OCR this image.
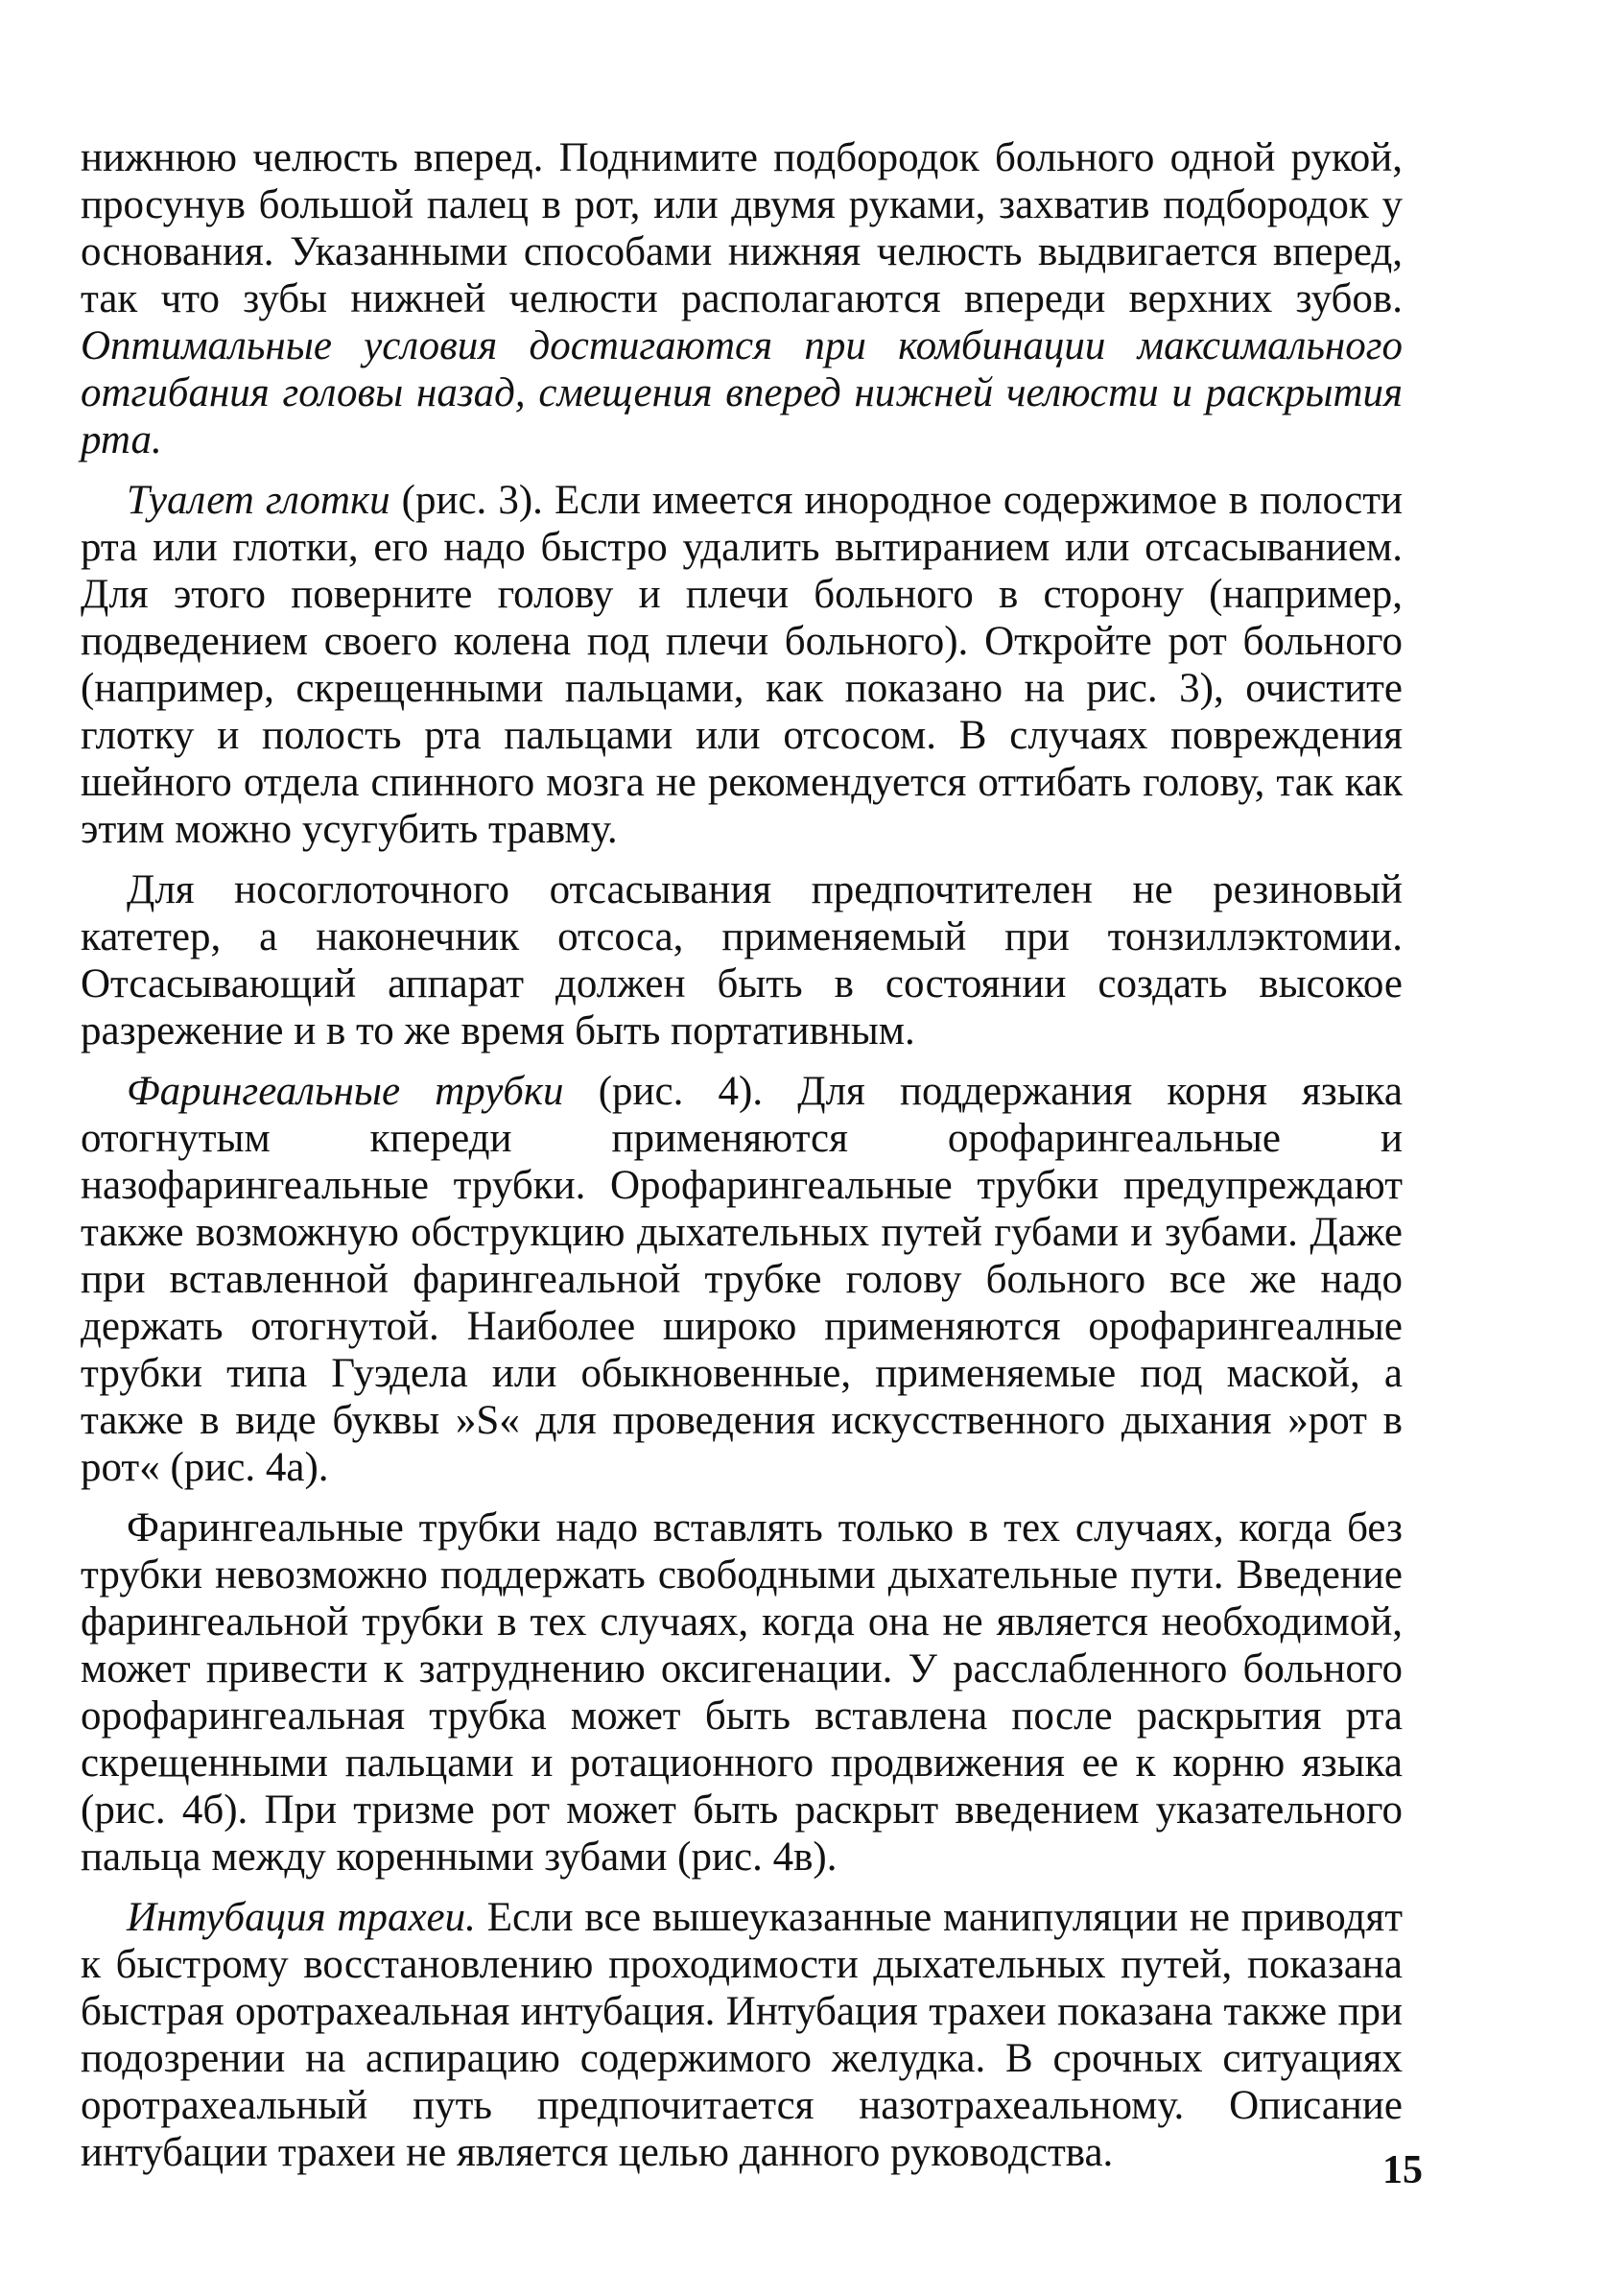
нижнюю челюсть вперед. Поднимите подбородок больного одной рукой, просунув большой палец в рот, или двумя руками, захватив подбородок у основания. Указанными способами нижняя челюсть выдвигается вперед, так что зубы нижней челюсти располагаются впереди верхних зубов. Оптимальные условия достигаются при комбинации максимального отгибания головы назад, смещения вперед нижней челюсти и раскрытия рта.

Туалет глотки (рис. 3). Если имеется инородное содержимое в полости рта или глотки, его надо быстро удалить вытиранием или отсасыванием. Для этого поверните голову и плечи больного в сторону (например, подведением своего колена под плечи больного). Откройте рот больного (например, скрещенными пальцами, как показано на рис. 3), очистите глотку и полость рта пальцами или отсосом. В случаях повреждения шейного отдела спинного мозга не рекомендуется оттибать голову, так как этим можно усугубить травму.

Для носоглоточного отсасывания предпочтителен не резиновый катетер, а наконечник отсоса, применяемый при тонзиллэктомии. Отсасывающий аппарат должен быть в состоянии создать высокое разрежение и в то же время быть портативным.

Фарингеальные трубки (рис. 4). Для поддержания корня языка отогнутым кпереди применяются орофарингеальные и назофарингеальные трубки. Орофарингеальные трубки предупреждают также возможную обструкцию дыхательных путей губами и зубами. Даже при вставленной фарингеальной трубке голову больного все же надо держать отогнутой. Наиболее широко применяются орофарингеалные трубки типа Гуэдела или обыкновенные, применяемые под маской, а также в виде буквы »S« для проведения искусственного дыхания »рот в рот« (рис. 4а).

Фарингеальные трубки надо вставлять только в тех случаях, когда без трубки невозможно поддержать свободными дыхательные пути. Введение фарингеальной трубки в тех случаях, когда она не является необходимой, может привести к затруднению оксигенации. У расслабленного больного орофарингеальная трубка может быть вставлена после раскрытия рта скрещенными пальцами и ротационного продвижения ее к корню языка (рис. 4б). При тризме рот может быть раскрыт введением указательного пальца между коренными зубами (рис. 4в).

Интубация трахеи. Если все вышеуказанные манипуляции не приводят к быстрому восстановлению проходимости дыхательных путей, показана быстрая оротрахеальная интубация. Интубация трахеи показана также при подозрении на аспирацию содержимого желудка. В срочных ситуациях оротрахеальный путь предпочитается назотрахеальному. Описание интубации трахеи не является целью данного руководства.	15
